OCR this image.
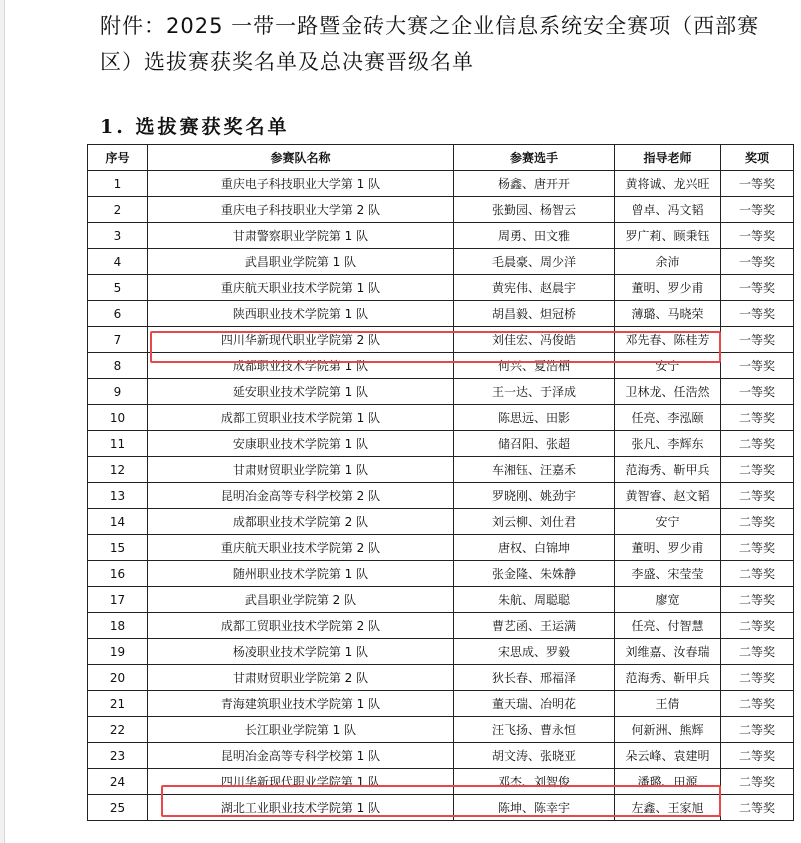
附件：2025 一带一路暨金砖大赛之企业信息系统安全赛项（西部赛区）选拔赛获奖名单及总决赛晋级名单
1. 选拔赛获奖名单
序号	参赛队名称	参赛选手	指导老师	奖项
1	重庆电子科技职业大学第 1 队	杨鑫、唐开开	黄将诚、龙兴旺	一等奖
2	重庆电子科技职业大学第 2 队	张勤园、杨智云	曾卓、冯文韬	一等奖
3	甘肃警察职业学院第 1 队	周勇、田文雅	罗广莉、顾秉钰	一等奖
4	武昌职业学院第 1 队	毛晨豪、周少洋	余沛	一等奖
5	重庆航天职业技术学院第 1 队	黄宪伟、赵晨宇	董明、罗少甫	一等奖
6	陕西职业技术学院第 1 队	胡昌毅、炟冠桥	薄璐、马晓荣	一等奖
7	四川华新现代职业学院第 2 队	刘佳宏、冯俊皓	邓先春、陈桂芳	一等奖
8	成都职业技术学院第 1 队	何兴、夏浩栖	安宁	一等奖
9	延安职业技术学院第 1 队	王一达、于泽成	卫林龙、任浩然	一等奖
10	成都工贸职业技术学院第 1 队	陈思远、田影	任亮、李泓颐	二等奖
11	安康职业技术学院第 1 队	储召阳、张超	张凡、李辉东	二等奖
12	甘肃财贸职业学院第 1 队	车湘钰、汪嘉禾	范海秀、靳甲兵	二等奖
13	昆明冶金高等专科学校第 2 队	罗晓刚、姚劲宇	黄智睿、赵文韬	二等奖
14	成都职业技术学院第 2 队	刘云柳、刘仕君	安宁	二等奖
15	重庆航天职业技术学院第 2 队	唐权、白锦坤	董明、罗少甫	二等奖
16	随州职业技术学院第 1 队	张金隆、朱姝静	李盛、宋莹莹	二等奖
17	武昌职业学院第 2 队	朱航、周聪聪	廖宽	二等奖
18	成都工贸职业技术学院第 2 队	曹艺函、王运满	任亮、付智慧	二等奖
19	杨凌职业技术学院第 1 队	宋思成、罗毅	刘维嘉、汝春瑞	二等奖
20	甘肃财贸职业学院第 2 队	狄长春、邢福泽	范海秀、靳甲兵	二等奖
21	青海建筑职业技术学院第 1 队	董天瑞、冶明花	王倩	二等奖
22	长江职业学院第 1 队	汪飞扬、曹永恒	何新洲、熊辉	二等奖
23	昆明冶金高等专科学校第 1 队	胡文涛、张晓亚	朵云峰、袁建明	二等奖
24	四川华新现代职业学院第 1 队	邓杰、刘智俊	潘璐、田源	二等奖
25	湖北工业职业技术学院第 1 队	陈坤、陈幸宇	左鑫、王家旭	二等奖
